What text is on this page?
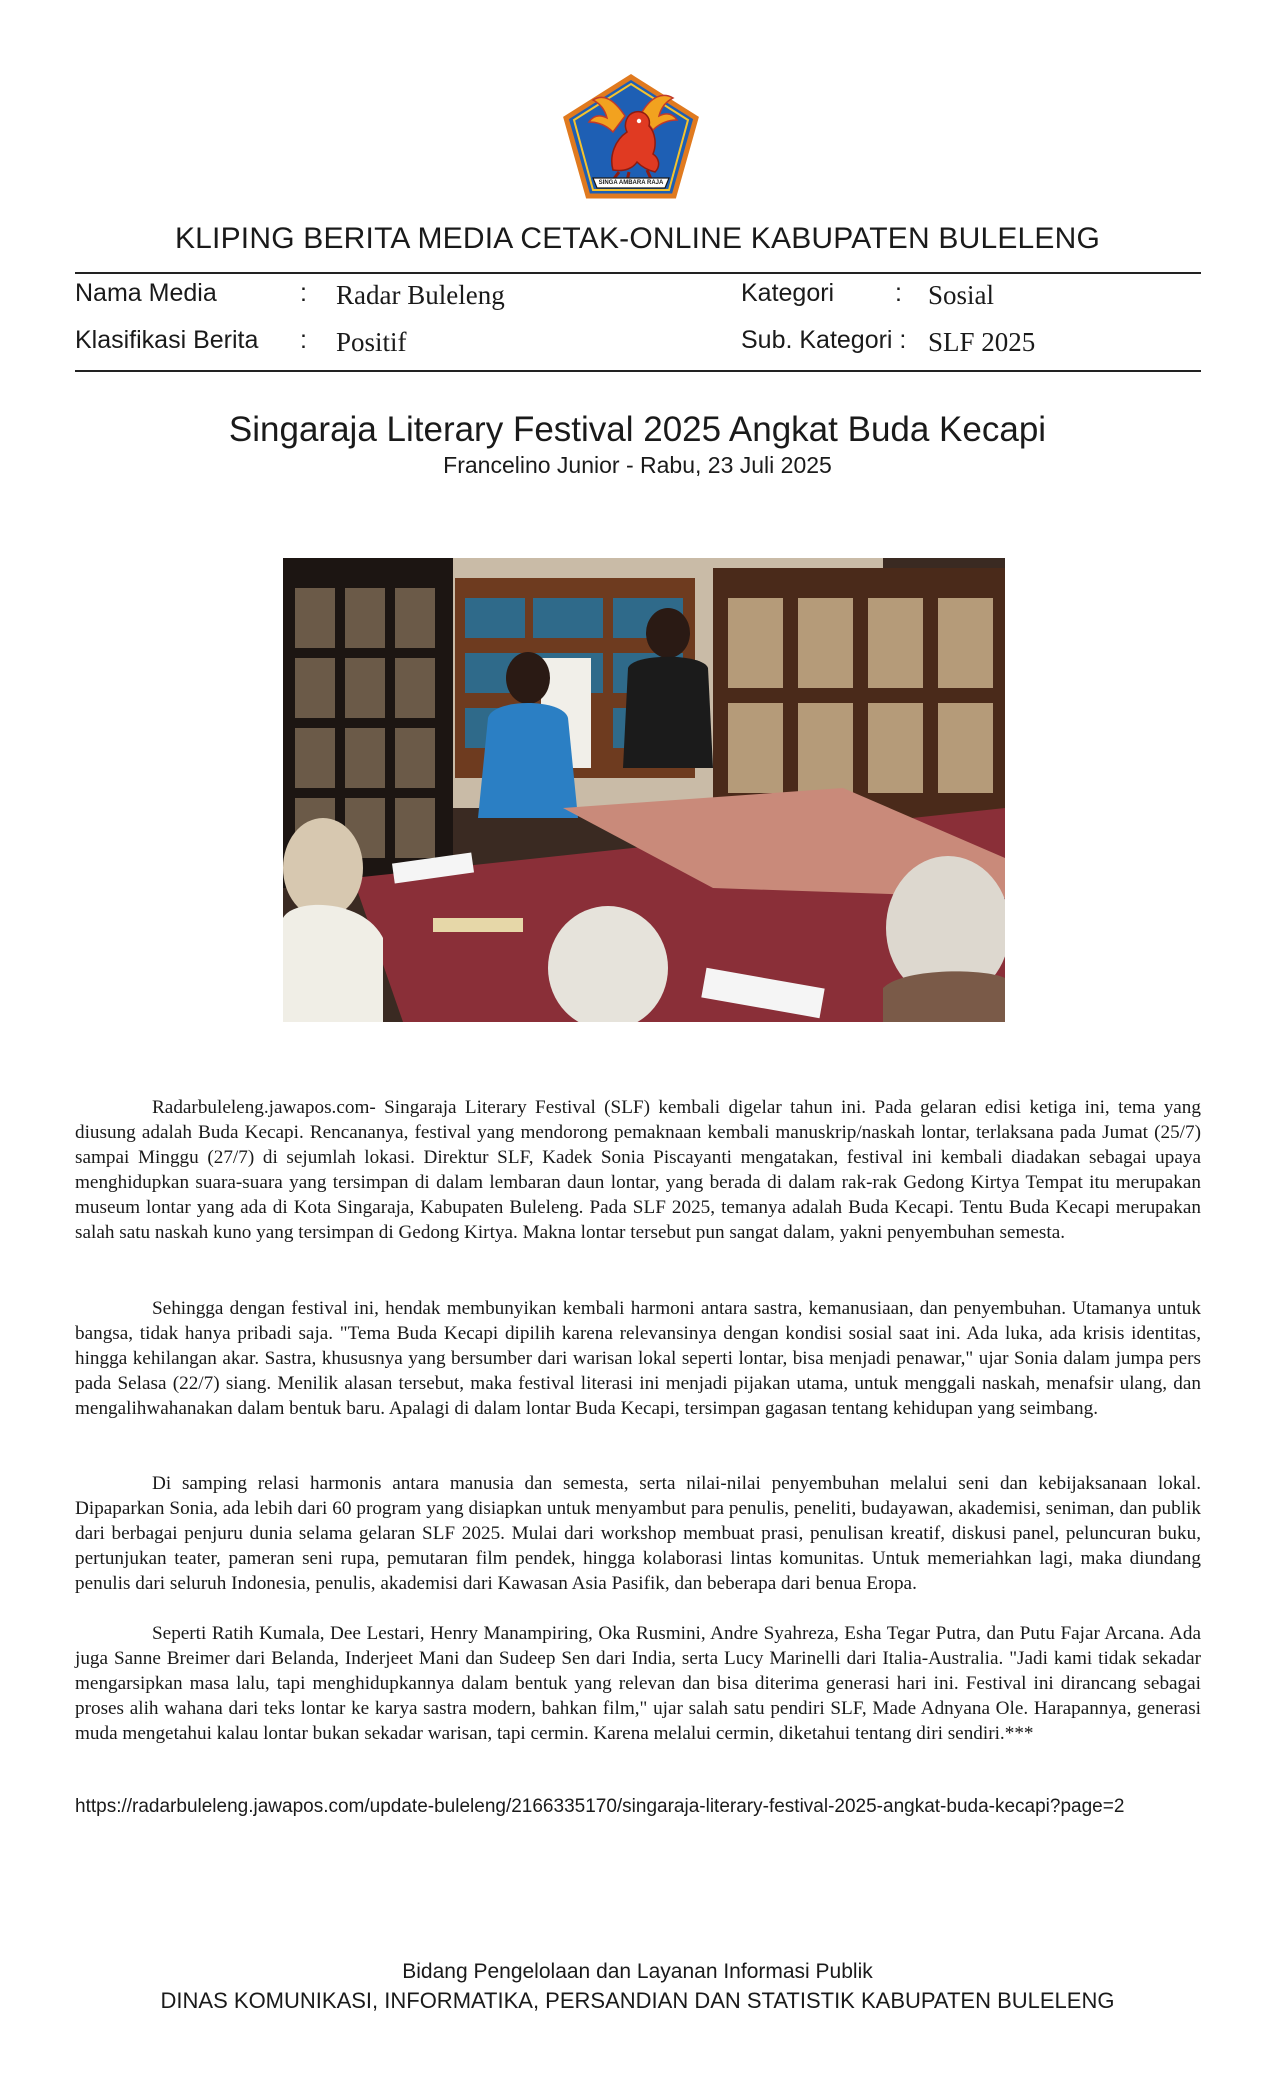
SINGA AMBARA RAJA
KLIPING BERITA MEDIA CETAK-ONLINE KABUPATEN BULELENG
Nama Media	: Radar Buleleng	Kategori : Sosial
Klasifikasi Berita : Positif	Sub. Kategori : SLF 2025
Singaraja Literary Festival 2025 Angkat Buda Kecapi
Francelino Junior - Rabu, 23 Juli 2025

Radarbuleleng.jawapos.com- Singaraja Literary Festival (SLF) kembali digelar tahun ini. Pada gelaran edisi ketiga ini, tema yang diusung adalah Buda Kecapi. Rencananya, festival yang mendorong pemaknaan kembali manuskrip/naskah lontar, terlaksana pada Jumat (25/7) sampai Minggu (27/7) di sejumlah lokasi. Direktur SLF, Kadek Sonia Piscayanti mengatakan, festival ini kembali diadakan sebagai upaya menghidupkan suara-suara yang tersimpan di dalam lembaran daun lontar, yang berada di dalam rak-rak Gedong Kirtya Tempat itu merupakan museum lontar yang ada di Kota Singaraja, Kabupaten Buleleng. Pada SLF 2025, temanya adalah Buda Kecapi. Tentu Buda Kecapi merupakan salah satu naskah kuno yang tersimpan di Gedong Kirtya. Makna lontar tersebut pun sangat dalam, yakni penyembuhan semesta.

Sehingga dengan festival ini, hendak membunyikan kembali harmoni antara sastra, kemanusiaan, dan penyembuhan. Utamanya untuk bangsa, tidak hanya pribadi saja. "Tema Buda Kecapi dipilih karena relevansinya dengan kondisi sosial saat ini. Ada luka, ada krisis identitas, hingga kehilangan akar. Sastra, khususnya yang bersumber dari warisan lokal seperti lontar, bisa menjadi penawar," ujar Sonia dalam jumpa pers pada Selasa (22/7) siang. Menilik alasan tersebut, maka festival literasi ini menjadi pijakan utama, untuk menggali naskah, menafsir ulang, dan mengalihwahanakan dalam bentuk baru. Apalagi di dalam lontar Buda Kecapi, tersimpan gagasan tentang kehidupan yang seimbang.

Di samping relasi harmonis antara manusia dan semesta, serta nilai-nilai penyembuhan melalui seni dan kebijaksanaan lokal. Dipaparkan Sonia, ada lebih dari 60 program yang disiapkan untuk menyambut para penulis, peneliti, budayawan, akademisi, seniman, dan publik dari berbagai penjuru dunia selama gelaran SLF 2025. Mulai dari workshop membuat prasi, penulisan kreatif, diskusi panel, peluncuran buku, pertunjukan teater, pameran seni rupa, pemutaran film pendek, hingga kolaborasi lintas komunitas. Untuk memeriahkan lagi, maka diundang penulis dari seluruh Indonesia, penulis, akademisi dari Kawasan Asia Pasifik, dan beberapa dari benua Eropa.

Seperti Ratih Kumala, Dee Lestari, Henry Manampiring, Oka Rusmini, Andre Syahreza, Esha Tegar Putra, dan Putu Fajar Arcana. Ada juga Sanne Breimer dari Belanda, Inderjeet Mani dan Sudeep Sen dari India, serta Lucy Marinelli dari Italia-Australia. "Jadi kami tidak sekadar mengarsipkan masa lalu, tapi menghidupkannya dalam bentuk yang relevan dan bisa diterima generasi hari ini. Festival ini dirancang sebagai proses alih wahana dari teks lontar ke karya sastra modern, bahkan film," ujar salah satu pendiri SLF, Made Adnyana Ole. Harapannya, generasi muda mengetahui kalau lontar bukan sekadar warisan, tapi cermin. Karena melalui cermin, diketahui tentang diri sendiri.***

https://radarbuleleng.jawapos.com/update-buleleng/2166335170/singaraja-literary-festival-2025-angkat-buda-kecapi?page=2
Bidang Pengelolaan dan Layanan Informasi Publik
DINAS KOMUNIKASI, INFORMATIKA, PERSANDIAN DAN STATISTIK KABUPATEN BULELENG
